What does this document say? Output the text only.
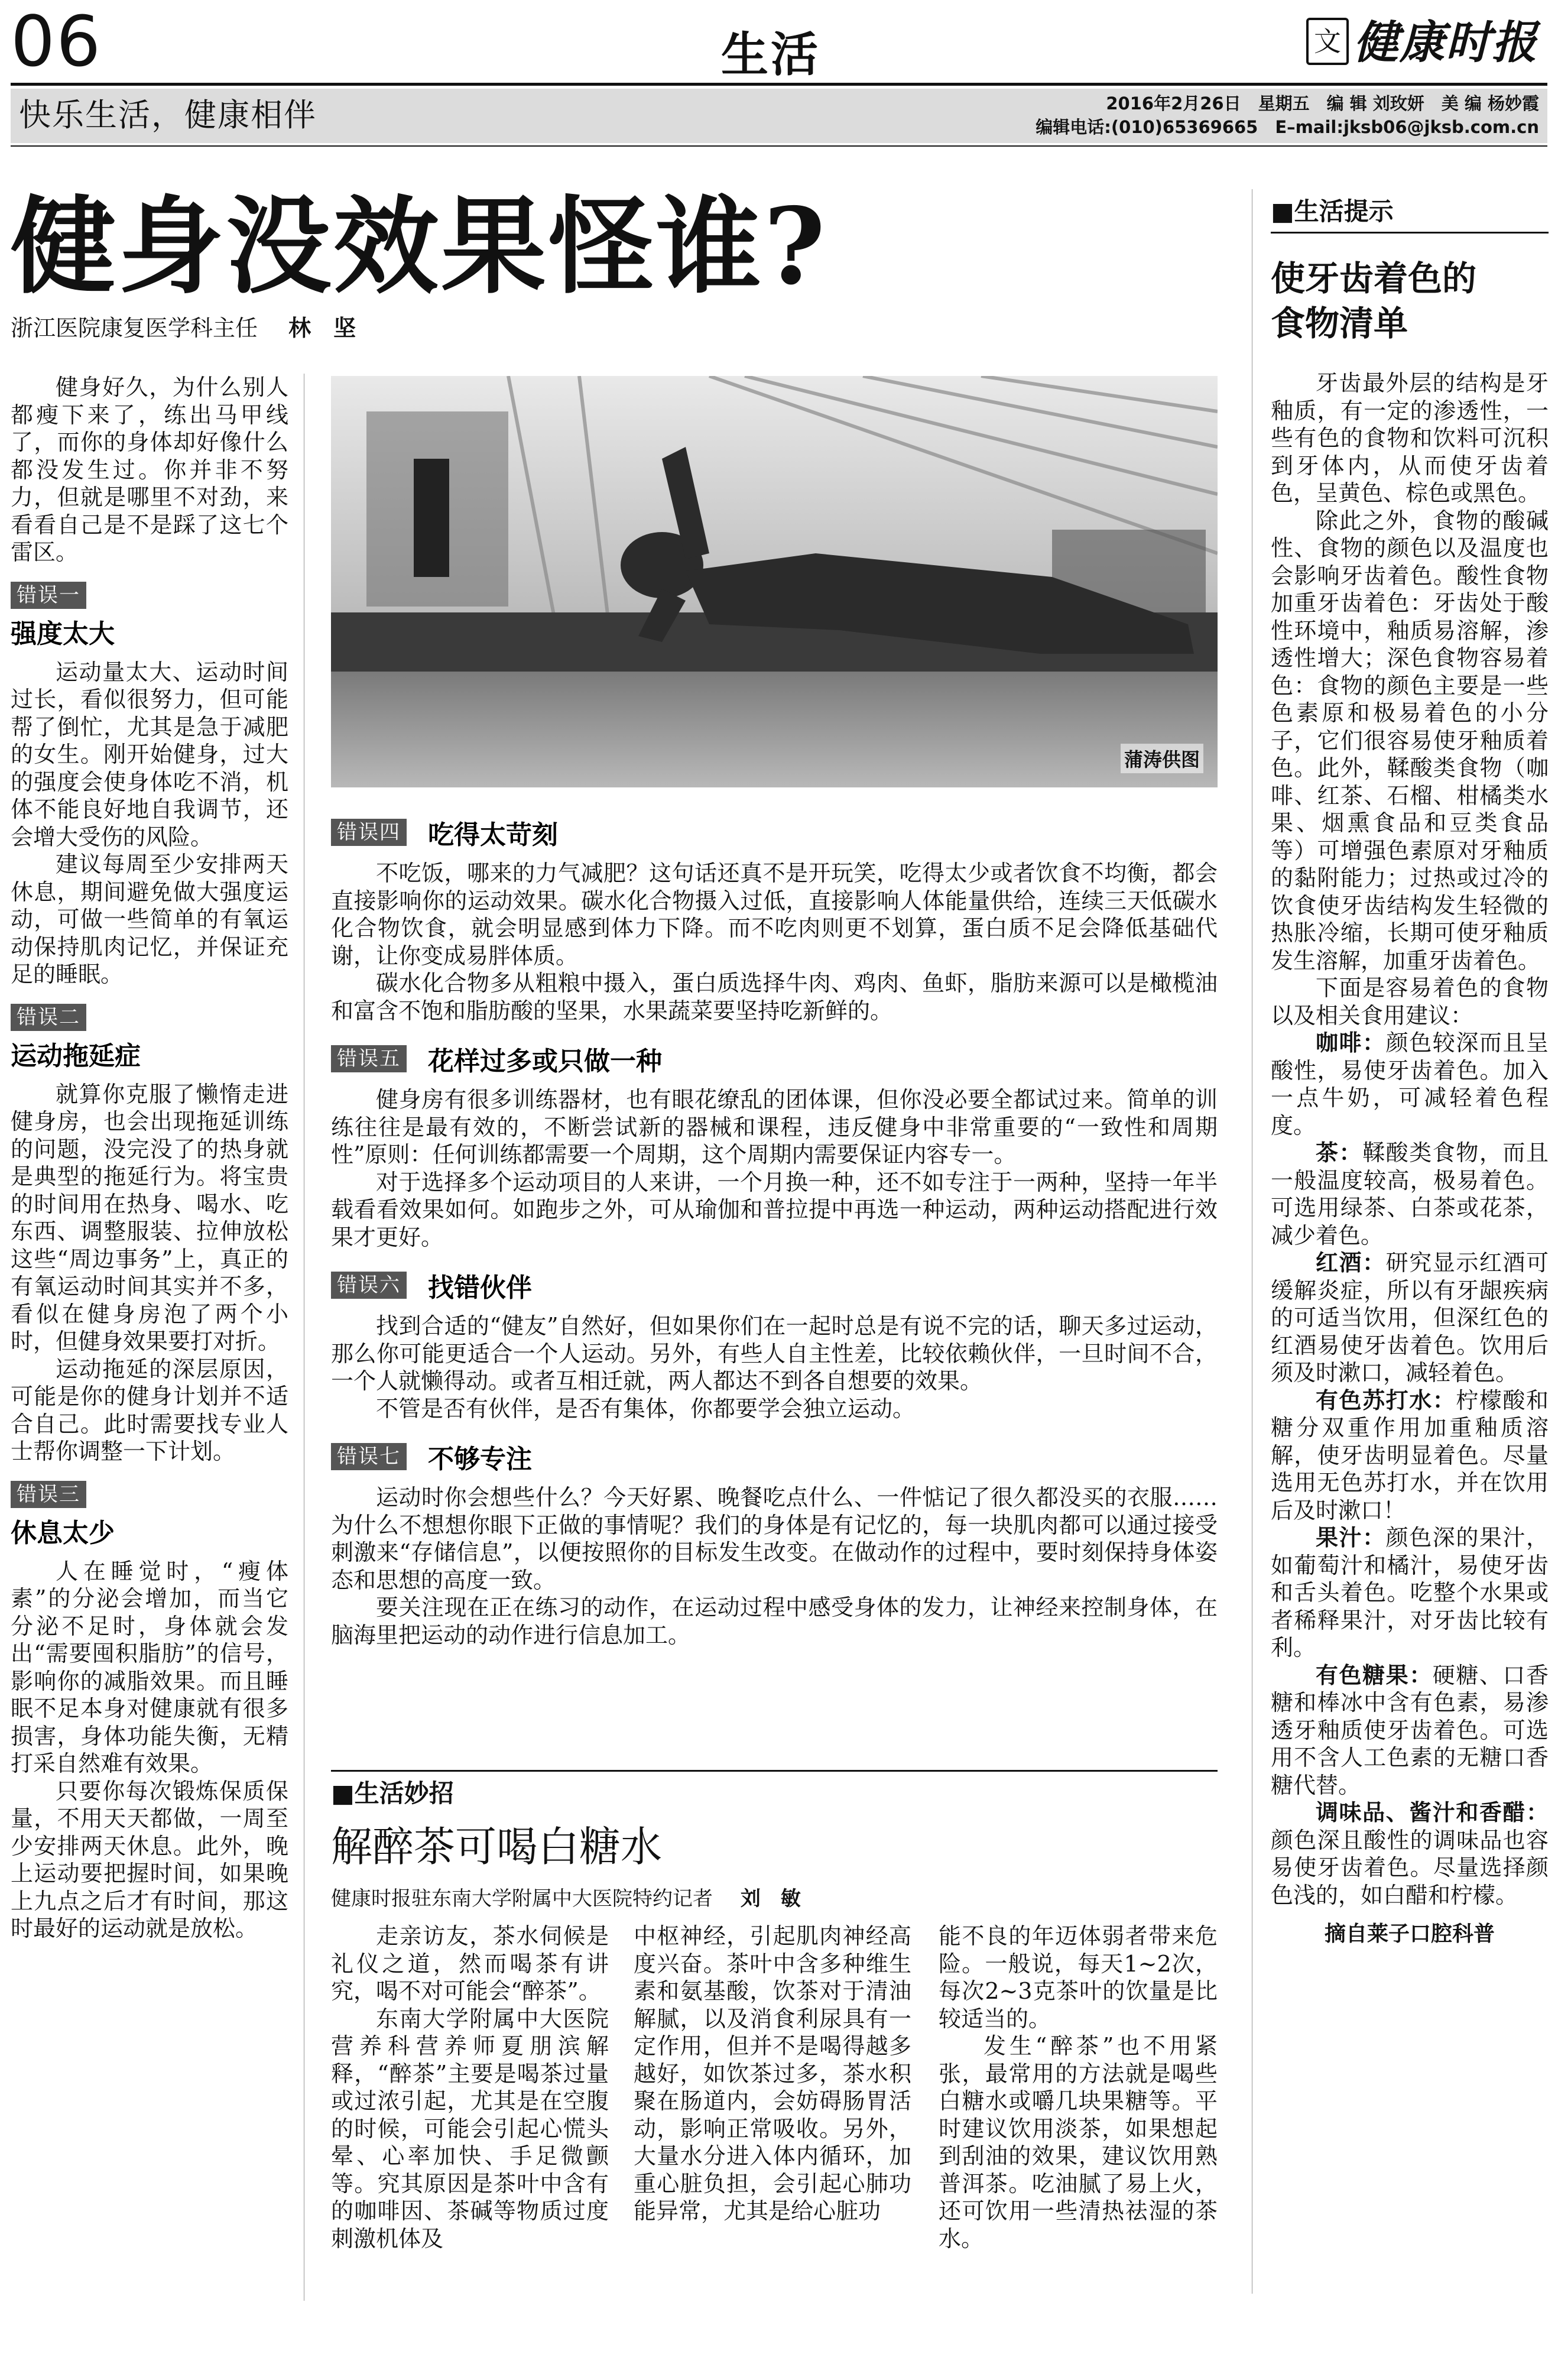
06	生活	文 健康时报
快乐生活，健康相伴	2016年2月26日　星期五　编 辑 刘玫妍　美 编 杨妙霞
编辑电话:(010)65369665　E–mail:jksb06@jksb.com.cn
健身没效果怪谁?
浙江医院康复医学科主任 林　坚

健身好久，为什么别人都瘦下来了，练出马甲线了，而你的身体却好像什么都没发生过。你并非不努力，但就是哪里不对劲，来看看自己是不是踩了这七个雷区。

错误一
强度太大

运动量太大、运动时间过长，看似很努力，但可能帮了倒忙，尤其是急于减肥的女生。刚开始健身，过大的强度会使身体吃不消，机体不能良好地自我调节，还会增大受伤的风险。

建议每周至少安排两天休息，期间避免做大强度运动，可做一些简单的有氧运动保持肌肉记忆，并保证充足的睡眠。

错误二
运动拖延症

就算你克服了懒惰走进健身房，也会出现拖延训练的问题，没完没了的热身就是典型的拖延行为。将宝贵的时间用在热身、喝水、吃东西、调整服装、拉伸放松这些“周边事务”上，真正的有氧运动时间其实并不多，看似在健身房泡了两个小时，但健身效果要打对折。

运动拖延的深层原因，可能是你的健身计划并不适合自己。此时需要找专业人士帮你调整一下计划。

错误三
休息太少

人在睡觉时，“瘦体素”的分泌会增加，而当它分泌不足时，身体就会发出“需要囤积脂肪”的信号，影响你的减脂效果。而且睡眠不足本身对健康就有很多损害，身体功能失衡，无精打采自然难有效果。

只要你每次锻炼保质保量，不用天天都做，一周至少安排两天休息。此外，晚上运动要把握时间，如果晚上九点之后才有时间，那这时最好的运动就是放松。

蒲涛供图
错误四 吃得太苛刻

不吃饭，哪来的力气减肥？这句话还真不是开玩笑，吃得太少或者饮食不均衡，都会直接影响你的运动效果。碳水化合物摄入过低，直接影响人体能量供给，连续三天低碳水化合物饮食，就会明显感到体力下降。而不吃肉则更不划算，蛋白质不足会降低基础代谢，让你变成易胖体质。

碳水化合物多从粗粮中摄入，蛋白质选择牛肉、鸡肉、鱼虾，脂肪来源可以是橄榄油和富含不饱和脂肪酸的坚果，水果蔬菜要坚持吃新鲜的。

错误五 花样过多或只做一种

健身房有很多训练器材，也有眼花缭乱的团体课，但你没必要全都试过来。简单的训练往往是最有效的，不断尝试新的器械和课程，违反健身中非常重要的“一致性和周期性”原则：任何训练都需要一个周期，这个周期内需要保证内容专一。

对于选择多个运动项目的人来讲，一个月换一种，还不如专注于一两种，坚持一年半载看看效果如何。如跑步之外，可从瑜伽和普拉提中再选一种运动，两种运动搭配进行效果才更好。

错误六 找错伙伴

找到合适的“健友”自然好，但如果你们在一起时总是有说不完的话，聊天多过运动，那么你可能更适合一个人运动。另外，有些人自主性差，比较依赖伙伴，一旦时间不合，一个人就懒得动。或者互相迁就，两人都达不到各自想要的效果。

不管是否有伙伴，是否有集体，你都要学会独立运动。

错误七 不够专注

运动时你会想些什么？今天好累、晚餐吃点什么、一件惦记了很久都没买的衣服……为什么不想想你眼下正做的事情呢？我们的身体是有记忆的，每一块肌肉都可以通过接受刺激来“存储信息”，以便按照你的目标发生改变。在做动作的过程中，要时刻保持身体姿态和思想的高度一致。

要关注现在正在练习的动作，在运动过程中感受身体的发力，让神经来控制身体，在脑海里把运动的动作进行信息加工。

■生活妙招
解醉茶可喝白糖水
健康时报驻东南大学附属中大医院特约记者 刘　敏

走亲访友，茶水伺候是礼仪之道，然而喝茶有讲究，喝不对可能会“醉茶”。

东南大学附属中大医院营养科营养师夏朋滨解释，“醉茶”主要是喝茶过量或过浓引起，尤其是在空腹的时候，可能会引起心慌头晕、心率加快、手足微颤等。究其原因是茶叶中含有的咖啡因、茶碱等物质过度刺激机体及

中枢神经，引起肌肉神经高度兴奋。茶叶中含多种维生素和氨基酸，饮茶对于清油解腻，以及消食利尿具有一定作用，但并不是喝得越多越好，如饮茶过多，茶水积聚在肠道内，会妨碍肠胃活动，影响正常吸收。另外，大量水分进入体内循环，加重心脏负担，会引起心肺功能异常，尤其是给心脏功

能不良的年迈体弱者带来危险。一般说，每天1~2次，每次2~3克茶叶的饮量是比较适当的。

发生“醉茶”也不用紧张，最常用的方法就是喝些白糖水或嚼几块果糖等。平时建议饮用淡茶，如果想起到刮油的效果，建议饮用熟普洱茶。吃油腻了易上火，还可饮用一些清热祛湿的茶水。

■生活提示
使牙齿着色的
食物清单

牙齿最外层的结构是牙釉质，有一定的渗透性，一些有色的食物和饮料可沉积到牙体内，从而使牙齿着色，呈黄色、棕色或黑色。

除此之外，食物的酸碱性、食物的颜色以及温度也会影响牙齿着色。酸性食物加重牙齿着色：牙齿处于酸性环境中，釉质易溶解，渗透性增大；深色食物容易着色：食物的颜色主要是一些色素原和极易着色的小分子，它们很容易使牙釉质着色。此外，鞣酸类食物（咖啡、红茶、石榴、柑橘类水果、烟熏食品和豆类食品等）可增强色素原对牙釉质的黏附能力；过热或过冷的饮食使牙齿结构发生轻微的热胀冷缩，长期可使牙釉质发生溶解，加重牙齿着色。

下面是容易着色的食物以及相关食用建议：

咖啡：颜色较深而且呈酸性，易使牙齿着色。加入一点牛奶，可减轻着色程度。

茶：鞣酸类食物，而且一般温度较高，极易着色。可选用绿茶、白茶或花茶，减少着色。

红酒：研究显示红酒可缓解炎症，所以有牙龈疾病的可适当饮用，但深红色的红酒易使牙齿着色。饮用后须及时漱口，减轻着色。

有色苏打水：柠檬酸和糖分双重作用加重釉质溶解，使牙齿明显着色。尽量选用无色苏打水，并在饮用后及时漱口！

果汁：颜色深的果汁，如葡萄汁和橘汁，易使牙齿和舌头着色。吃整个水果或者稀释果汁，对牙齿比较有利。

有色糖果：硬糖、口香糖和棒冰中含有色素，易渗透牙釉质使牙齿着色。可选用不含人工色素的无糖口香糖代替。

调味品、酱汁和香醋：颜色深且酸性的调味品也容易使牙齿着色。尽量选择颜色浅的，如白醋和柠檬。

摘自莱子口腔科普
